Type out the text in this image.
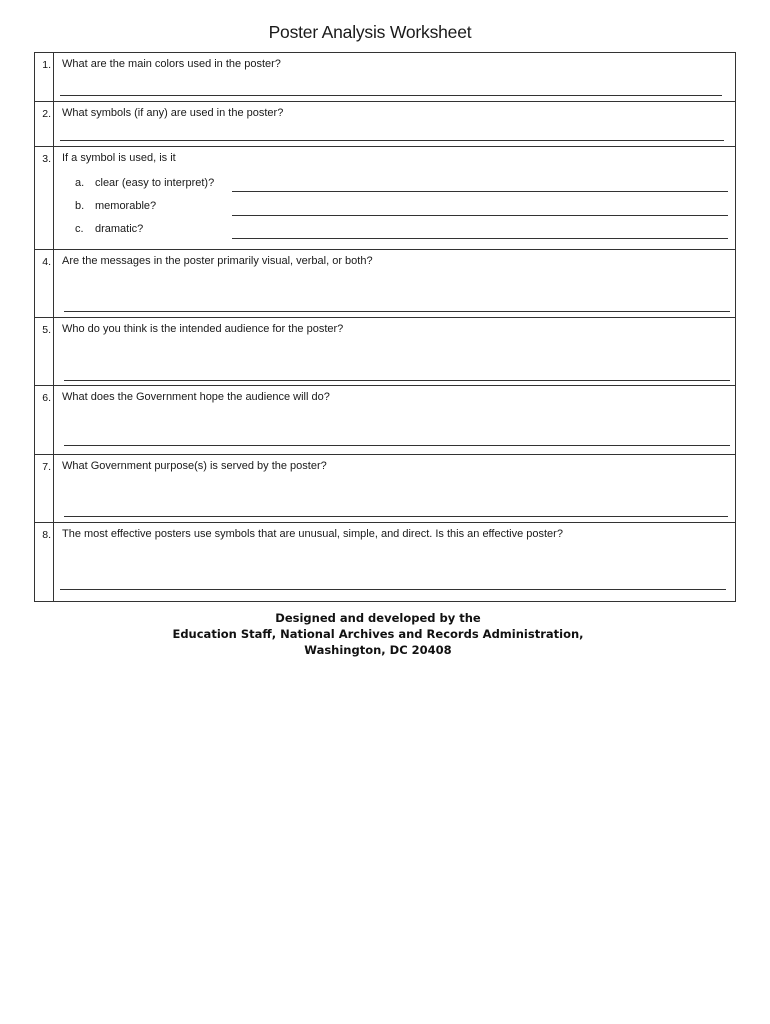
Poster Analysis Worksheet
1.	What are the main colors used in the poster?

2.	What symbols (if any) are used in the poster?

3.	If a symbol is used, is it
a. clear (easy to interpret)?
b. memorable?
c. dramatic?

4.	Are the messages in the poster primarily visual, verbal, or both?

5.	Who do you think is the intended audience for the poster?

6.	What does the Government hope the audience will do?

7.	What Government purpose(s) is served by the poster?

8.	The most effective posters use symbols that are unusual, simple, and direct. Is this an effective poster?
Designed and developed by the
Education Staff, National Archives and Records Administration,
Washington, DC 20408
